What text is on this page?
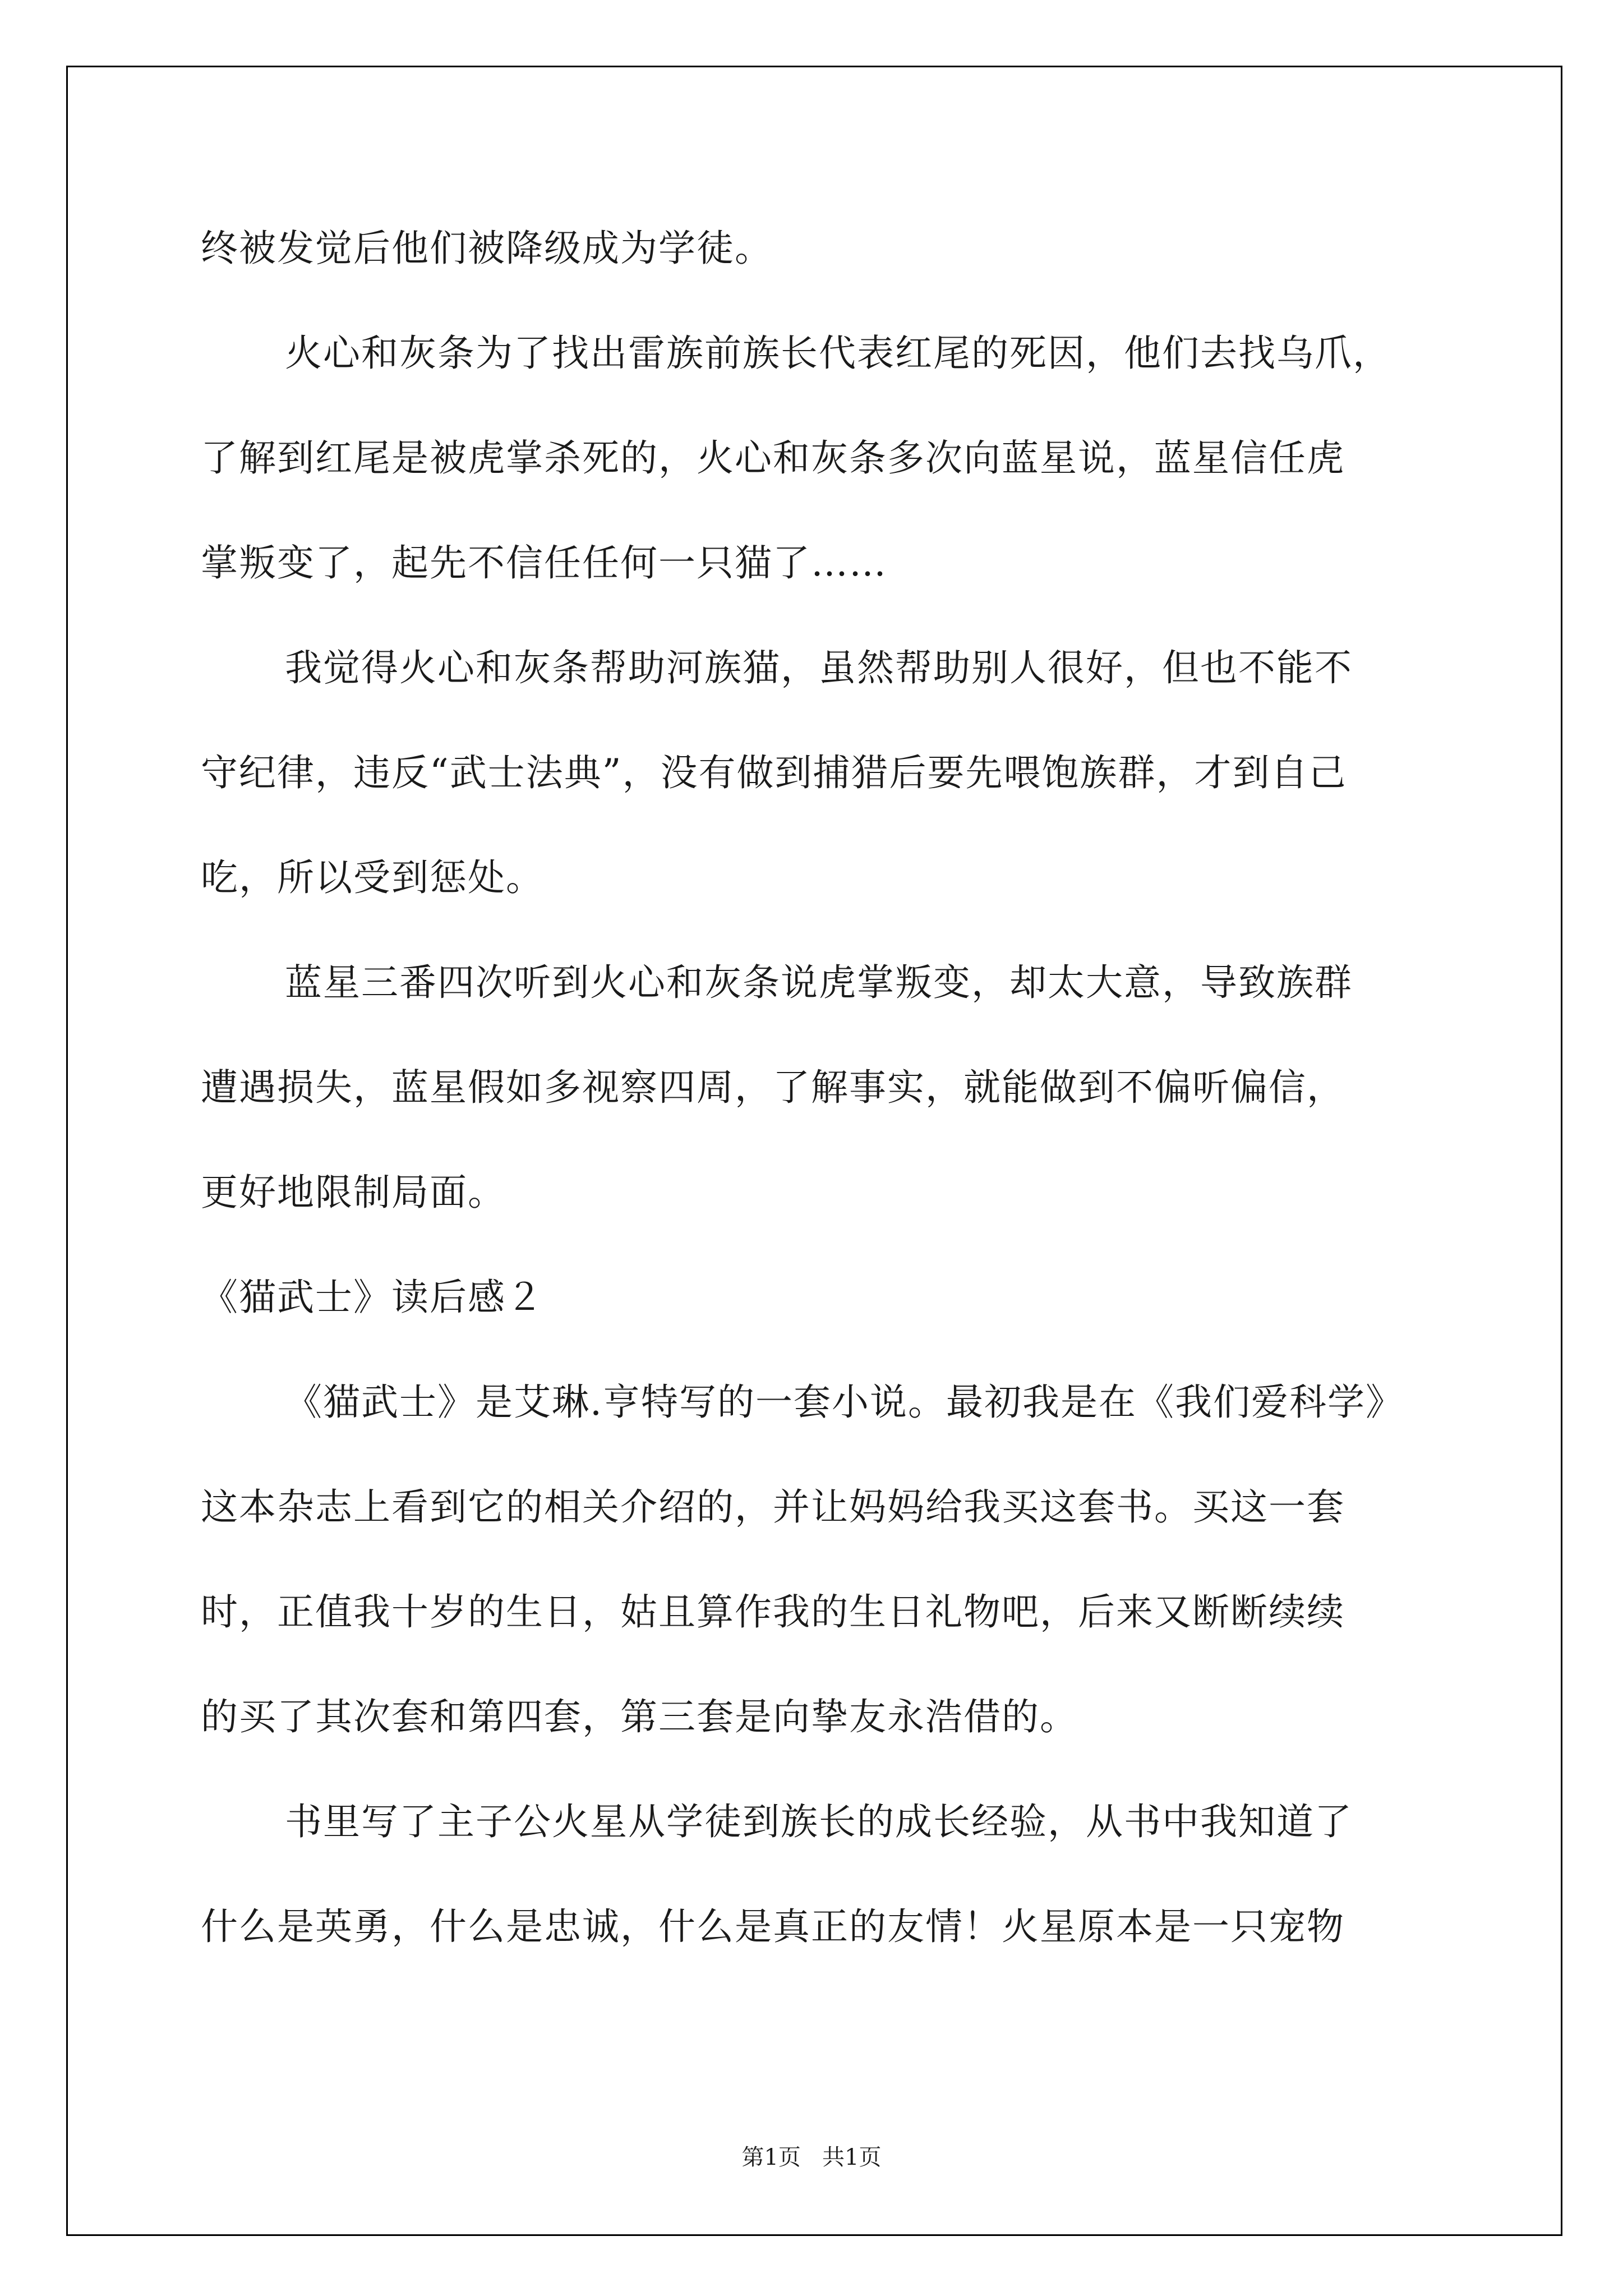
终被发觉后他们被降级成为学徒。
火心和灰条为了找出雷族前族长代表红尾的死因，他们去找乌爪，
了解到红尾是被虎掌杀死的，火心和灰条多次向蓝星说，蓝星信任虎
掌叛变了，起先不信任任何一只猫了……
我觉得火心和灰条帮助河族猫，虽然帮助别人很好，但也不能不
守纪律，违反“武士法典”，没有做到捕猎后要先喂饱族群，才到自己
吃，所以受到惩处。
蓝星三番四次听到火心和灰条说虎掌叛变，却太大意，导致族群
遭遇损失，蓝星假如多视察四周，了解事实，就能做到不偏听偏信，
更好地限制局面。
《猫武士》读后感２
《猫武士》是艾琳.亨特写的一套小说。最初我是在《我们爱科学》
这本杂志上看到它的相关介绍的，并让妈妈给我买这套书。买这一套
时，正值我十岁的生日，姑且算作我的生日礼物吧，后来又断断续续
的买了其次套和第四套，第三套是向挚友永浩借的。
书里写了主子公火星从学徒到族长的成长经验，从书中我知道了
什么是英勇，什么是忠诚，什么是真正的友情！火星原本是一只宠物
第1页   共1页
